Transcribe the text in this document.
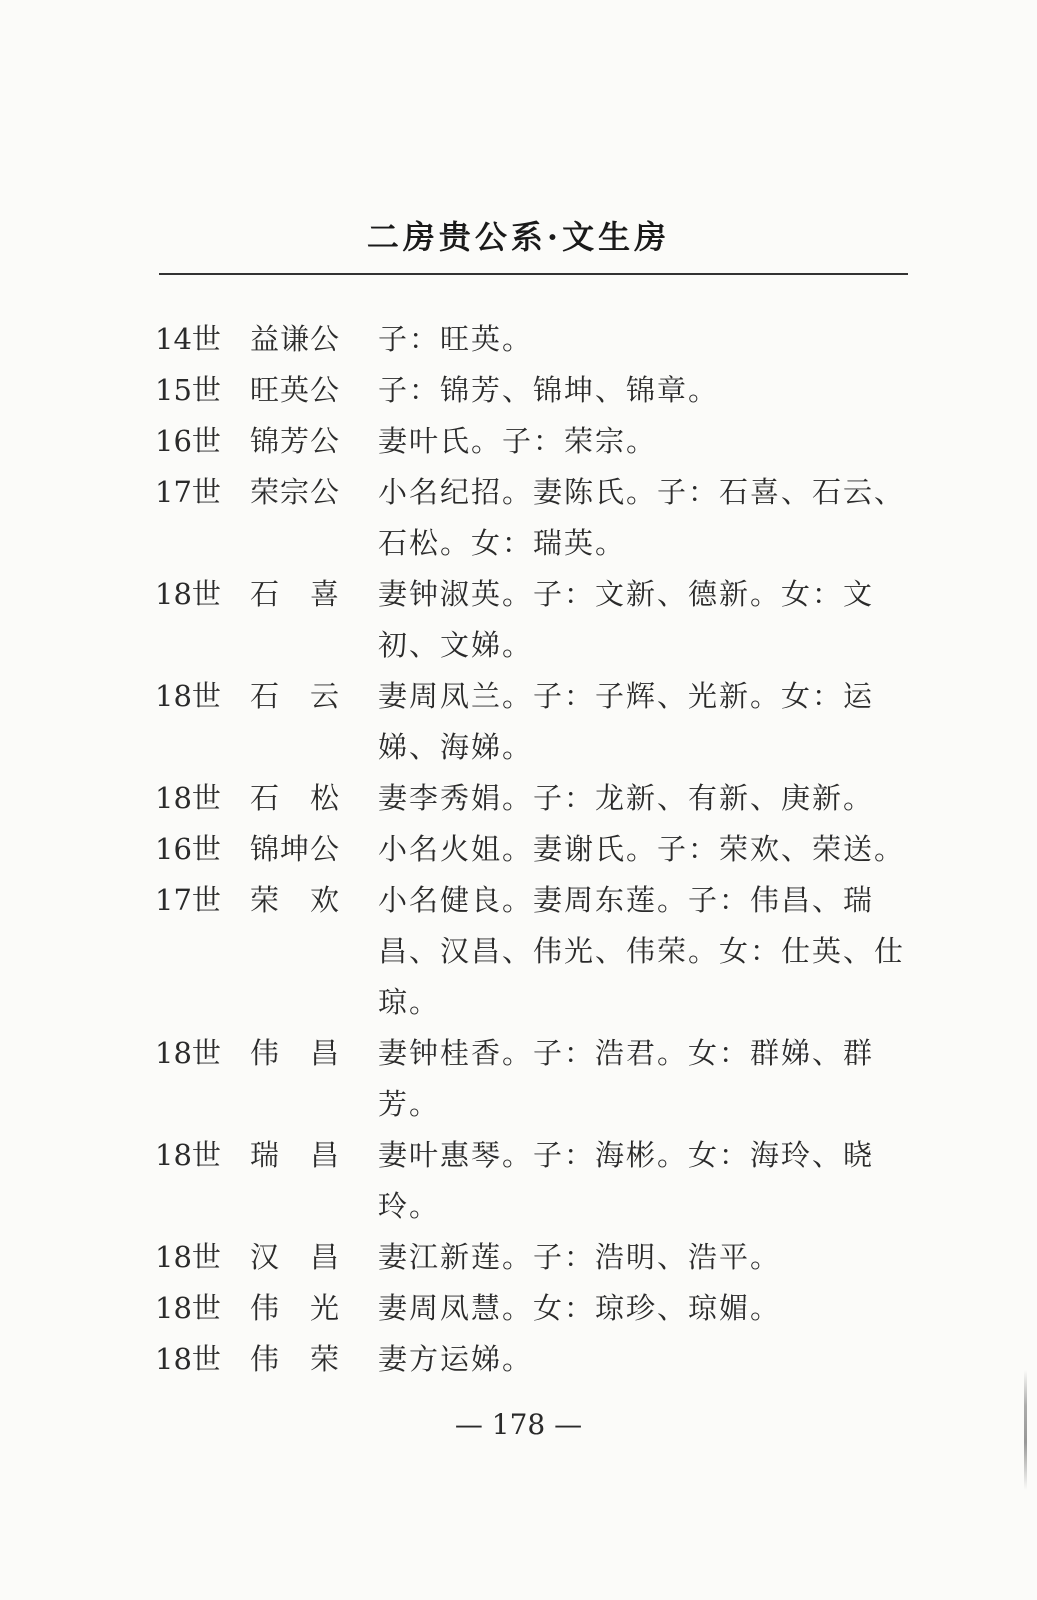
二房贵公系·文生房
14世	益谦公	子：旺英。
15世	旺英公	子：锦芳、锦坤、锦章。
16世	锦芳公	妻叶氏。子：荣宗。
17世	荣宗公	小名纪招。妻陈氏。子：石喜、石云、石松。女：瑞英。
18世	石　喜	妻钟淑英。子：文新、德新。女：文初、文娣。
18世	石　云	妻周凤兰。子：子辉、光新。女：运娣、海娣。
18世	石　松	妻李秀娟。子：龙新、有新、庚新。
16世	锦坤公	小名火姐。妻谢氏。子：荣欢、荣送。
17世	荣　欢	小名健良。妻周东莲。子：伟昌、瑞昌、汉昌、伟光、伟荣。女：仕英、仕琼。
18世	伟　昌	妻钟桂香。子：浩君。女：群娣、群芳。
18世	瑞　昌	妻叶惠琴。子：海彬。女：海玲、晓玲。
18世	汉　昌	妻江新莲。子：浩明、浩平。
18世	伟　光	妻周凤慧。女：琼珍、琼媚。
18世	伟　荣	妻方运娣。
— 178 —
